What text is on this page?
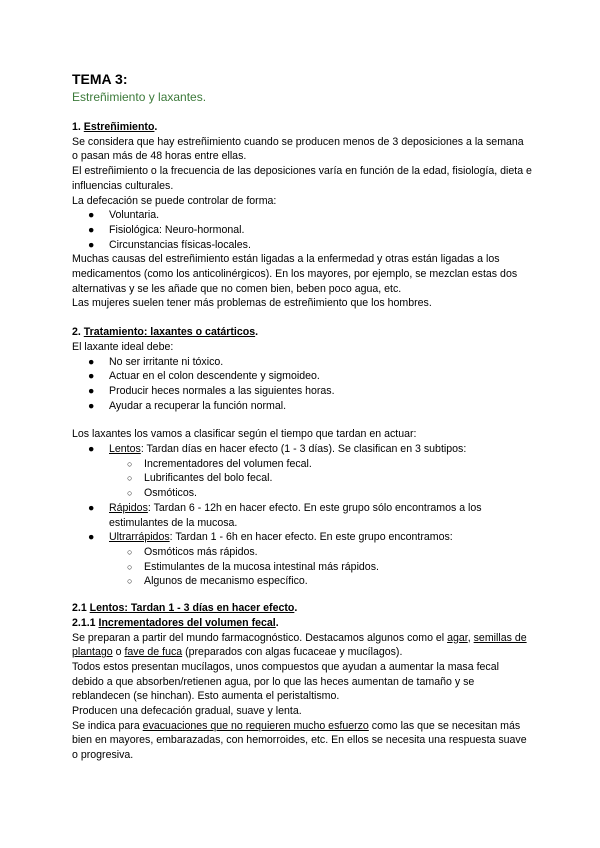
TEMA 3:
Estreñimiento y laxantes.

1. Estreñimiento.

Se considera que hay estreñimiento cuando se producen menos de 3 deposiciones a la semana o pasan más de 48 horas entre ellas.

El estreñimiento o la frecuencia de las deposiciones varía en función de la edad, fisiología, dieta e influencias culturales.

La defecación se puede controlar de forma:

● Voluntaria.
● Fisiológica: Neuro-hormonal.
● Circunstancias físicas-locales.

Muchas causas del estreñimiento están ligadas a la enfermedad y otras están ligadas a los medicamentos (como los anticolinérgicos). En los mayores, por ejemplo, se mezclan estas dos alternativas y se les añade que no comen bien, beben poco agua, etc.

Las mujeres suelen tener más problemas de estreñimiento que los hombres.

2. Tratamiento: laxantes o catárticos.

El laxante ideal debe:

● No ser irritante ni tóxico.
● Actuar en el colon descendente y sigmoideo.
● Producir heces normales a las siguientes horas.
● Ayudar a recuperar la función normal.

Los laxantes los vamos a clasificar según el tiempo que tardan en actuar:

● Lentos: Tardan días en hacer efecto (1 - 3 días). Se clasifican en 3 subtipos:
○ Incrementadores del volumen fecal.
○ Lubrificantes del bolo fecal.
○ Osmóticos.
● Rápidos: Tardan 6 - 12h en hacer efecto. En este grupo sólo encontramos a los estimulantes de la mucosa.
● Ultrarrápidos: Tardan 1 - 6h en hacer efecto. En este grupo encontramos:
○ Osmóticos más rápidos.
○ Estimulantes de la mucosa intestinal más rápidos.
○ Algunos de mecanismo específico.

2.1 Lentos: Tardan 1 - 3 días en hacer efecto.

2.1.1 Incrementadores del volumen fecal.

Se preparan a partir del mundo farmacognóstico. Destacamos algunos como el agar, semillas de plantago o fave de fuca (preparados con algas fucaceae y mucílagos).

Todos estos presentan mucílagos, unos compuestos que ayudan a aumentar la masa fecal debido a que absorben/retienen agua, por lo que las heces aumentan de tamaño y se reblandecen (se hinchan). Esto aumenta el peristaltismo.

Producen una defecación gradual, suave y lenta.

Se indica para evacuaciones que no requieren mucho esfuerzo como las que se necesitan más bien en mayores, embarazadas, con hemorroides, etc. En ellos se necesita una respuesta suave o progresiva.
